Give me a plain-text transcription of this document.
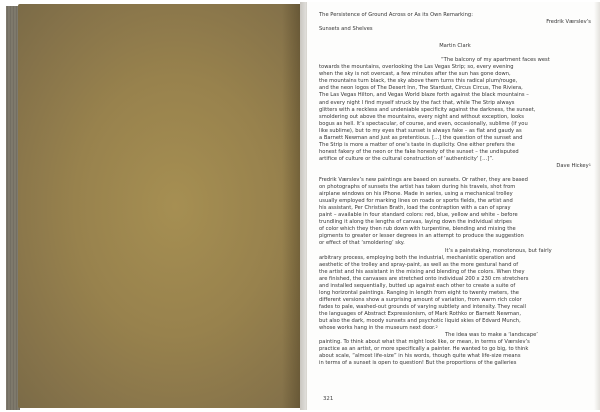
The Persistence of Ground Across or As its Own Remarking:
Fredrik Værslev’s
Sunsets and Shelves
Martin Clark
“The balcony of my apartment faces west
towards the mountains, overlooking the Las Vegas Strip; so, every evening
when the sky is not overcast, a few minutes after the sun has gone down,
the mountains turn black, the sky above them turns this radical plum/rouge,
and the neon logos of The Desert Inn, The Stardust, Circus Circus, The Riviera,
The Las Vegas Hilton, and Vegas World blaze forth against the black mountains –
and every night I find myself struck by the fact that, while The Strip always
glitters with a reckless and undeniable specificity against the darkness, the sunset,
smoldering out above the mountains, every night and without exception, looks
bogus as hell. It’s spectacular, of course, and even, occasionally, sublime (if you
like sublime), but to my eyes that sunset is always fake – as flat and gaudy as
a Barnett Newman and just as pretentious. […] the question of the sunset and
The Strip is more a matter of one’s taste in duplicity. One either prefers the
honest fakery of the neon or the fake honesty of the sunset – the undisputed
artifice of culture or the cultural construction of ‘authenticity’ […]”.
Dave Hickey$^1$
Fredrik Værslev’s new paintings are based on sunsets. Or rather, they are based
on photographs of sunsets the artist has taken during his travels, shot from
airplane windows on his iPhone. Made in series, using a mechanical trolley
usually employed for marking lines on roads or sports fields, the artist and
his assistant, Per Christian Brath, load the contraption with a can of spray
paint – available in four standard colors: red, blue, yellow and white – before
trundling it along the lengths of canvas, laying down the individual stripes
of color which they then rub down with turpentine, blending and mixing the
pigments to greater or lesser degrees in an attempt to produce the suggestion
or effect of that ‘smoldering’ sky.
It’s a painstaking, monotonous, but fairly
arbitrary process, employing both the industrial, mechanistic operation and
aesthetic of the trolley and spray-paint, as well as the more gestural hand of
the artist and his assistant in the mixing and blending of the colors. When they
are finished, the canvases are stretched onto individual 200 x 230 cm stretchers
and installed sequentially, butted up against each other to create a suite of
long horizontal paintings. Ranging in length from eight to twenty meters, the
different versions show a surprising amount of variation, from warm rich color
fades to pale, washed-out grounds of varying subtlety and intensity. They recall
the languages of Abstract Expressionism, of Mark Rothko or Barnett Newman,
but also the dark, moody sunsets and psychotic liquid skies of Edvard Munch,
whose works hang in the museum next door.$^2$
The idea was to make a ‘landscape’
painting. To think about what that might look like, or mean, in terms of Værslev’s
practice as an artist, or more specifically a painter. He wanted to go big, to think
about scale, “almost life-size” in his words, though quite what life-size means
in terms of a sunset is open to question! But the proportions of the galleries
321
